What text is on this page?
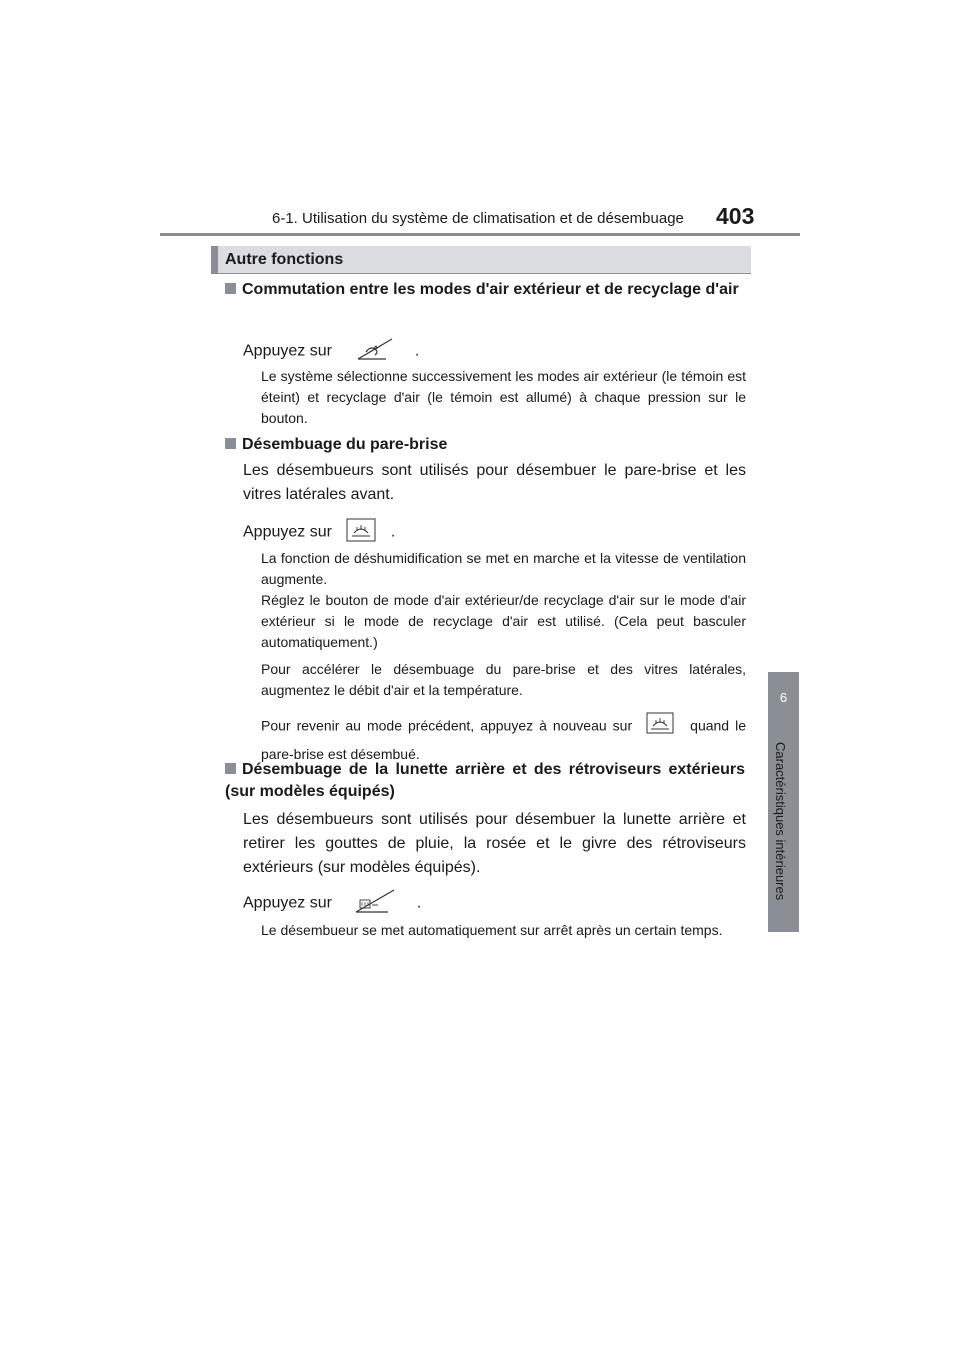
6-1. Utilisation du système de climatisation et de désembuage 403
6
Caractéristiques intérieures
Autre fonctions
Commutation entre les modes d'air extérieur et de recyclage d'air
Appuyez sur	.
Le système sélectionne successivement les modes air extérieur (le témoin est éteint) et recyclage d'air (le témoin est allumé) à chaque pression sur le bouton.
Désembuage du pare-brise
Les désembueurs sont utilisés pour désembuer le pare-brise et les vitres latérales avant.
Appuyez sur	.
La fonction de déshumidification se met en marche et la vitesse de ventilation augmente.
Réglez le bouton de mode d'air extérieur/de recyclage d'air sur le mode d'air extérieur si le mode de recyclage d'air est utilisé. (Cela peut basculer automatiquement.)
Pour accélérer le désembuage du pare-brise et des vitres latérales, augmentez le débit d'air et la température.
Pour revenir au mode précédent, appuyez à nouveau sur	quand le pare-brise est désembué.
Désembuage de la lunette arrière et des rétroviseurs extérieurs (sur modèles équipés)
Les désembueurs sont utilisés pour désembuer la lunette arrière et retirer les gouttes de pluie, la rosée et le givre des rétroviseurs extérieurs (sur modèles équipés).
Appuyez sur	.
Le désembueur se met automatiquement sur arrêt après un certain temps.
